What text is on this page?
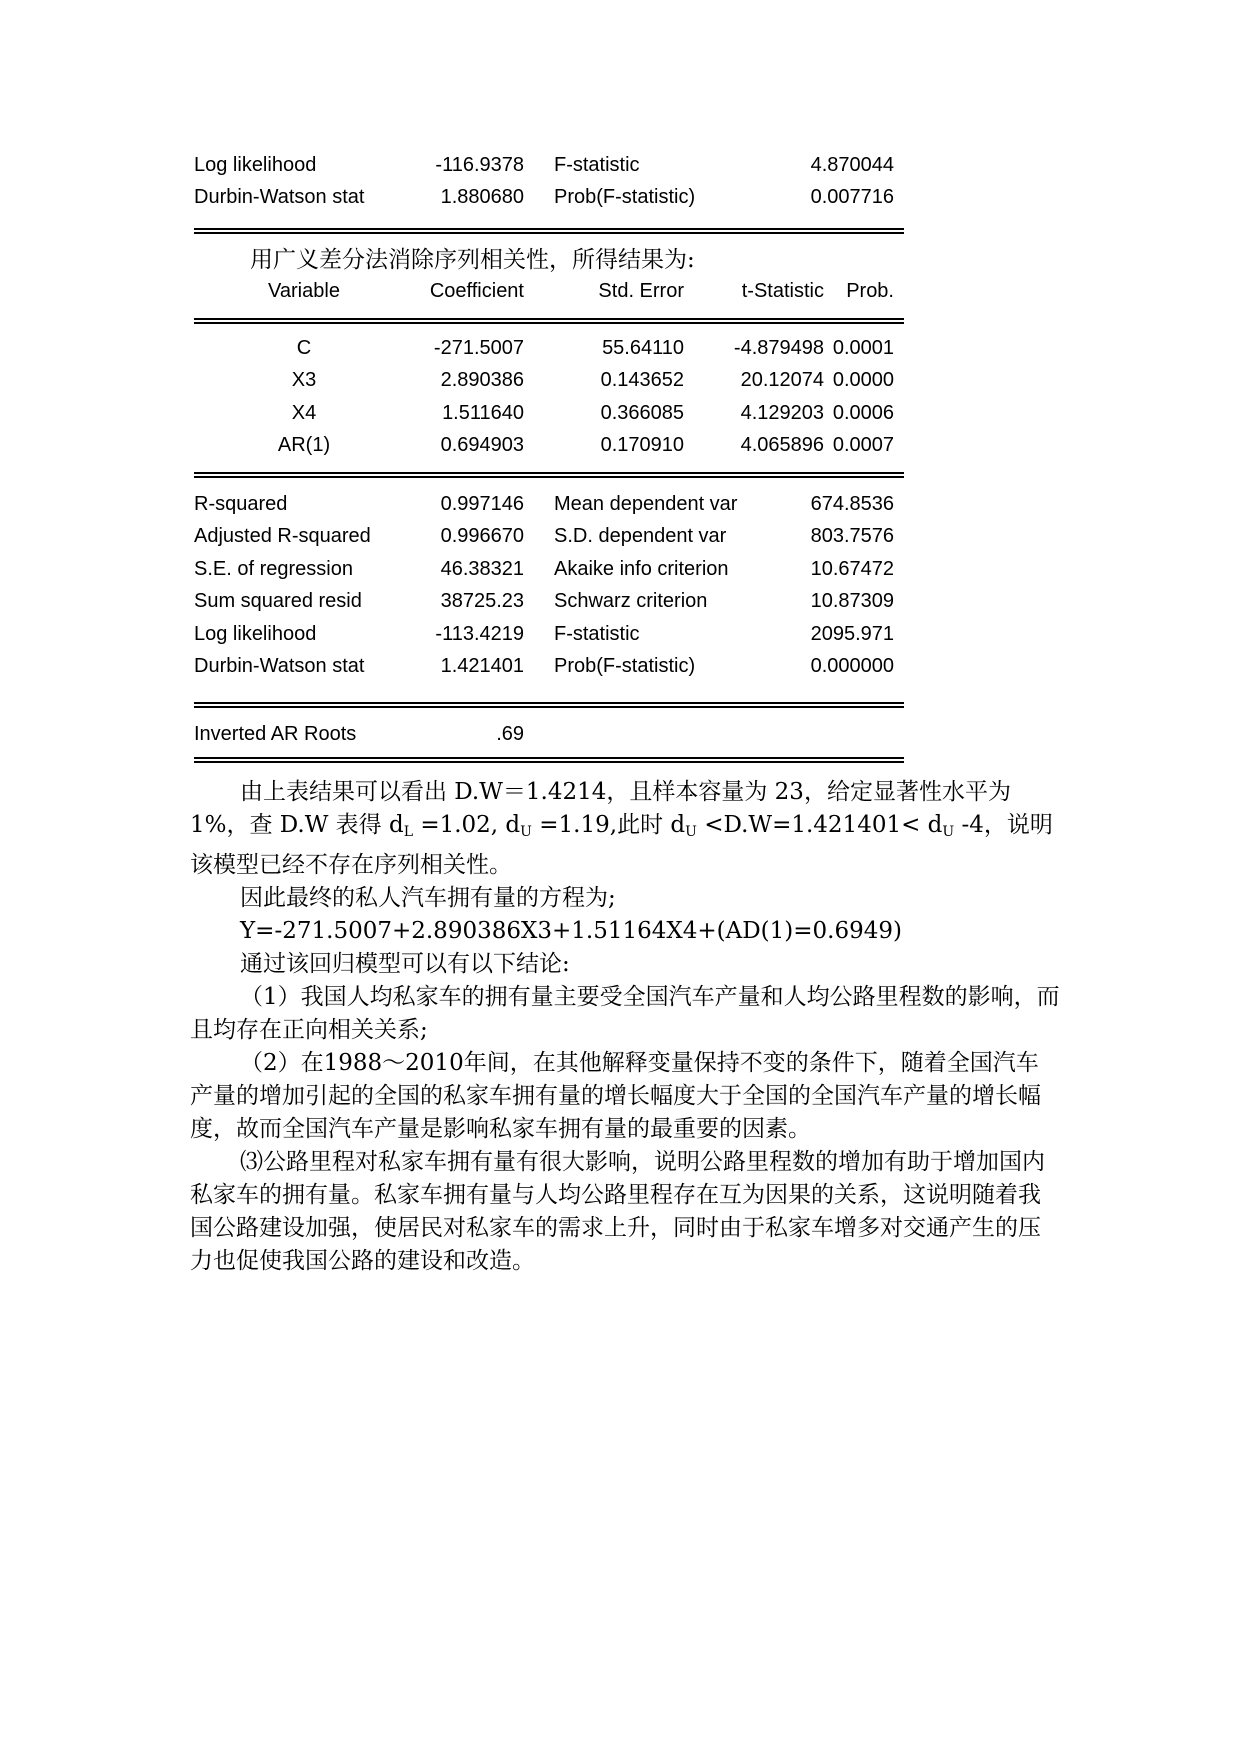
Log likelihood	-116.9378 F-statistic	4.870044
Durbin-Watson stat	1.880680 Prob(F-statistic)	0.007716
用广义差分法消除序列相关性，所得结果为:
Variable	Coefficient	Std. Error	t-Statistic	Prob.
C	-271.5007	55.64110	-4.879498 0.0001
X3	2.890386	0.143652	20.12074 0.0000
X4	1.511640	0.366085	4.129203 0.0006
AR(1)	0.694903	0.170910	4.065896 0.0007
R-squared	0.997146 Mean dependent var	674.8536
Adjusted R-squared	0.996670 S.D. dependent var	803.7576
S.E. of regression	46.38321 Akaike info criterion	10.67472
Sum squared resid	38725.23 Schwarz criterion	10.87309
Log likelihood	-113.4219 F-statistic	2095.971
Durbin-Watson stat	1.421401 Prob(F-statistic)	0.000000
Inverted AR Roots	.69

由上表结果可以看出 D.W＝1.4214，且样本容量为 23，给定显著性水平为 1%，查 D.W 表得 $d_L =1.02$, $d_U =1.19$,此时 $d_U <D.W=1.421401< d_U$ -4，说明该模型已经不存在序列相关性。

因此最终的私人汽车拥有量的方程为;

Y=-271.5007+2.890386X3+1.51164X4+(AD(1)=0.6949)

通过该回归模型可以有以下结论:

（1）我国人均私家车的拥有量主要受全国汽车产量和人均公路里程数的影响，而且均存在正向相关关系;

（2）在1988～2010年间，在其他解释变量保持不变的条件下，随着全国汽车产量的增加引起的全国的私家车拥有量的增长幅度大于全国的全国汽车产量的增长幅度，故而全国汽车产量是影响私家车拥有量的最重要的因素。

⑶公路里程对私家车拥有量有很大影响，说明公路里程数的增加有助于增加国内私家车的拥有量。私家车拥有量与人均公路里程存在互为因果的关系，这说明随着我国公路建设加强，使居民对私家车的需求上升，同时由于私家车增多对交通产生的压力也促使我国公路的建设和改造。
